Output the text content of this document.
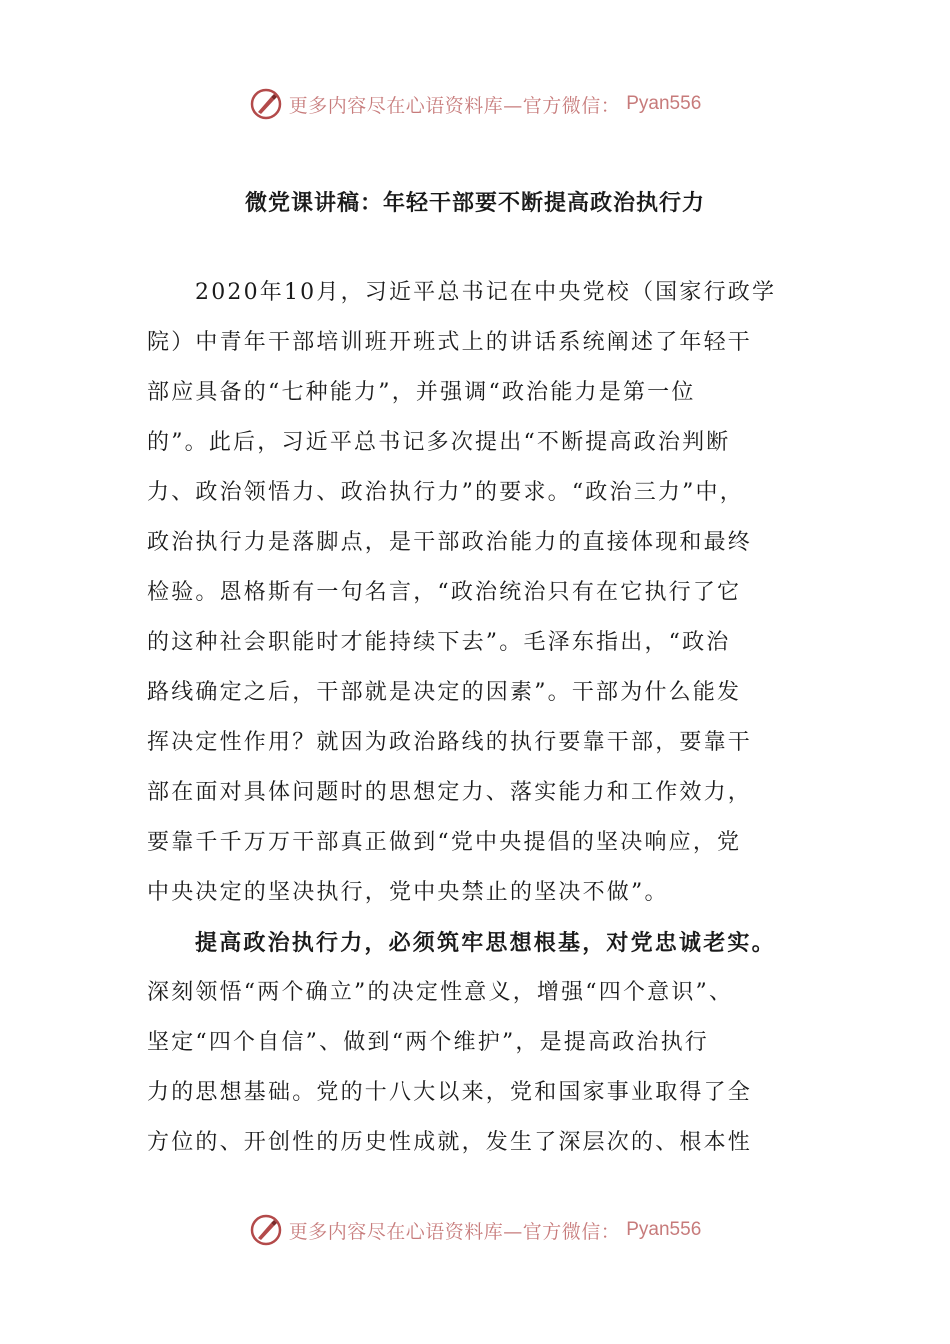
更多内容尽在心语资料库—官方微信： Pyan556
微党课讲稿：年轻干部要不断提高政治执行力
2020年10月，习近平总书记在中央党校（国家行政学
院）中青年干部培训班开班式上的讲话系统阐述了年轻干
部应具备的“七种能力”，并强调“政治能力是第一位
的”。此后，习近平总书记多次提出“不断提高政治判断
力、政治领悟力、政治执行力”的要求。“政治三力”中，
政治执行力是落脚点，是干部政治能力的直接体现和最终
检验。恩格斯有一句名言，“政治统治只有在它执行了它
的这种社会职能时才能持续下去”。毛泽东指出，“政治
路线确定之后，干部就是决定的因素”。干部为什么能发
挥决定性作用？就因为政治路线的执行要靠干部，要靠干
部在面对具体问题时的思想定力、落实能力和工作效力，
要靠千千万万干部真正做到“党中央提倡的坚决响应，党
中央决定的坚决执行，党中央禁止的坚决不做”。
提高政治执行力，必须筑牢思想根基，对党忠诚老实。
深刻领悟“两个确立”的决定性意义，增强“四个意识”、
坚定“四个自信”、做到“两个维护”，是提高政治执行
力的思想基础。党的十八大以来，党和国家事业取得了全
方位的、开创性的历史性成就，发生了深层次的、根本性
更多内容尽在心语资料库—官方微信： Pyan556
